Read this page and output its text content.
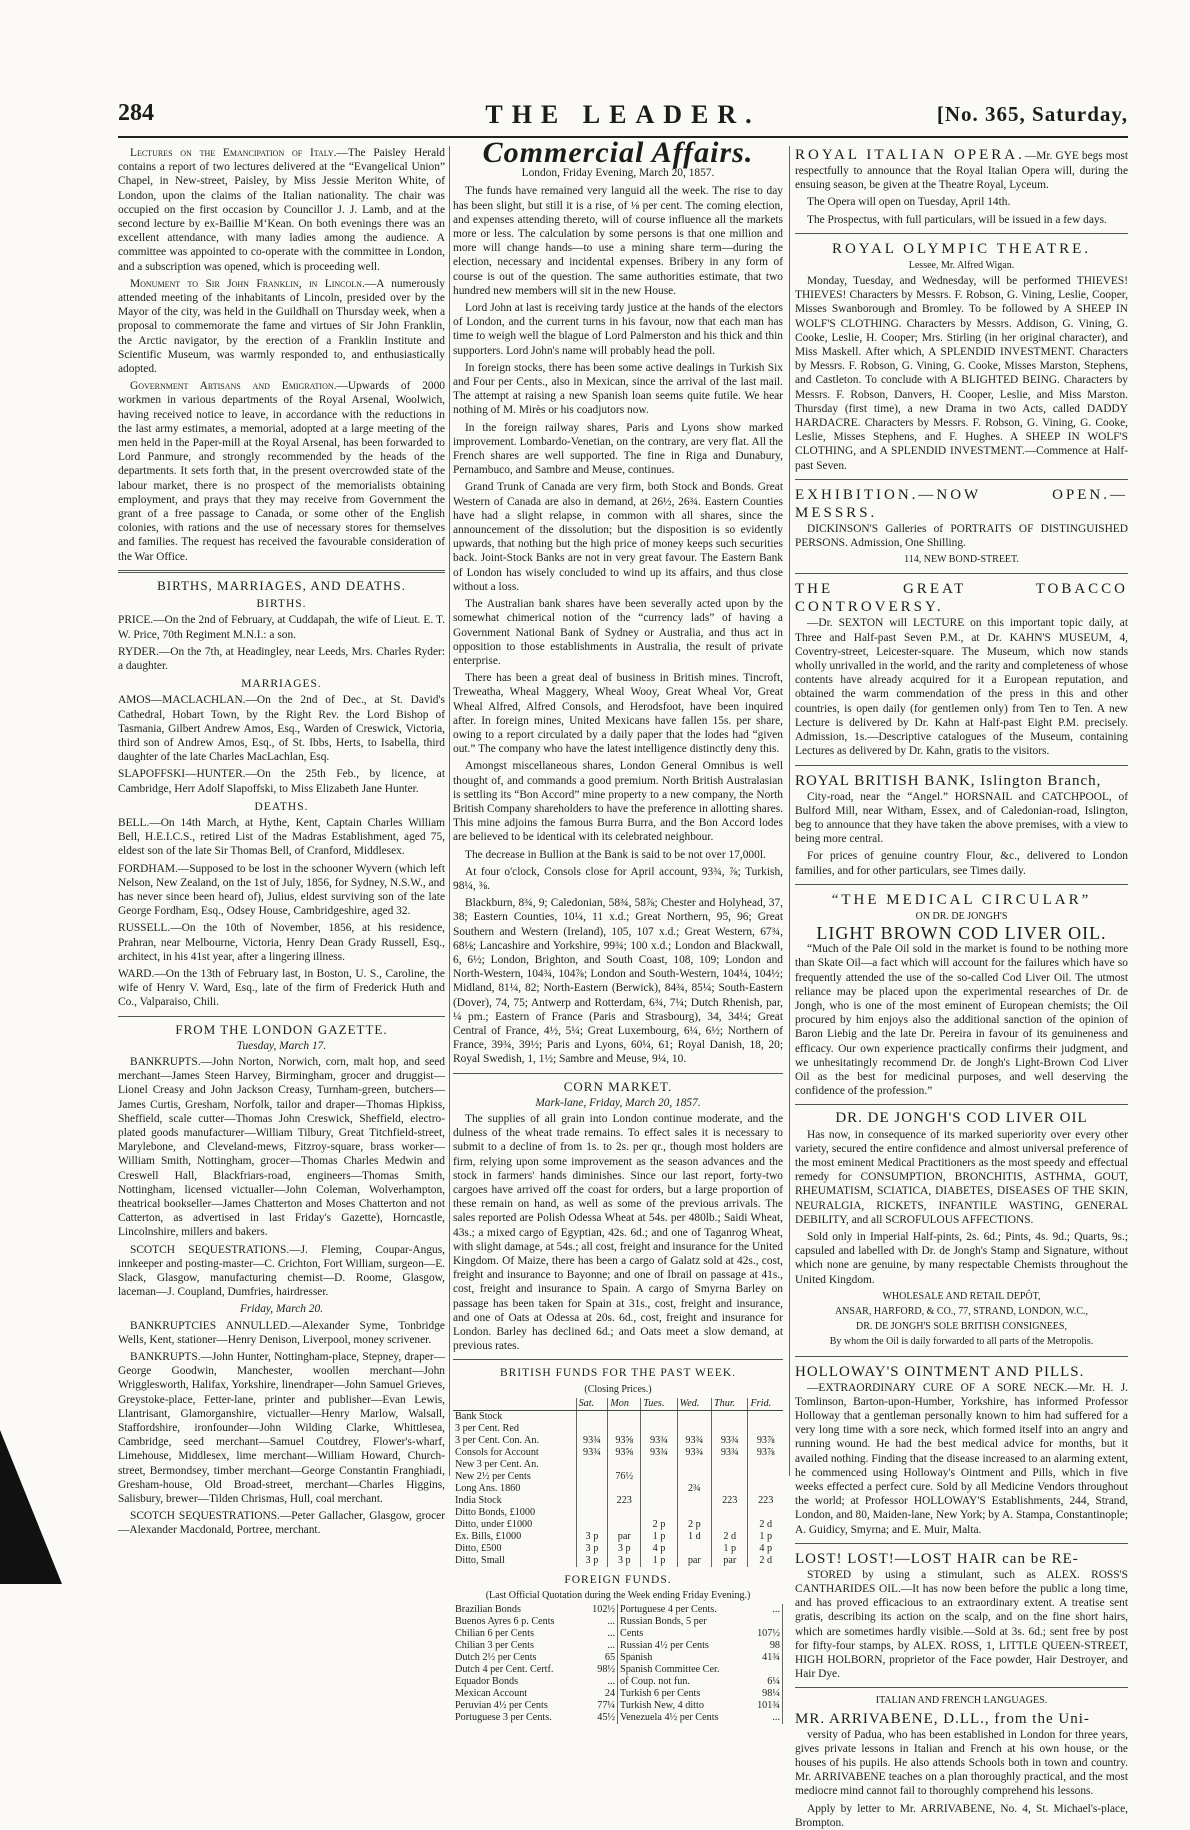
284	THE LEADER.	[No. 365, Saturday,

Lectures on the Emancipation of Italy.—The Paisley Herald contains a report of two lectures delivered at the “Evangelical Union” Chapel, in New-street, Paisley, by Miss Jessie Meriton White, of London, upon the claims of the Italian nationality. The chair was occupied on the first occasion by Councillor J. J. Lamb, and at the second lecture by ex-Baillie M‘Kean. On both evenings there was an excellent attendance, with many ladies among the audience. A committee was appointed to co-operate with the committee in London, and a subscription was opened, which is proceeding well.

Monument to Sir John Franklin, in Lincoln.—A numerously attended meeting of the inhabitants of Lincoln, presided over by the Mayor of the city, was held in the Guildhall on Thursday week, when a proposal to commemorate the fame and virtues of Sir John Franklin, the Arctic navigator, by the erection of a Franklin Institute and Scientific Museum, was warmly responded to, and enthusiastically adopted.

Government Artisans and Emigration.—Upwards of 2000 workmen in various departments of the Royal Arsenal, Woolwich, having received notice to leave, in accordance with the reductions in the last army estimates, a memorial, adopted at a large meeting of the men held in the Paper-mill at the Royal Arsenal, has been forwarded to Lord Panmure, and strongly recommended by the heads of the departments. It sets forth that, in the present overcrowded state of the labour market, there is no prospect of the memorialists obtaining employment, and prays that they may receive from Government the grant of a free passage to Canada, or some other of the English colonies, with rations and the use of necessary stores for themselves and families. The request has received the favourable consideration of the War Office.

BIRTHS, MARRIAGES, AND DEATHS.
BIRTHS.

PRICE.—On the 2nd of February, at Cuddapah, the wife of Lieut. E. T. W. Price, 70th Regiment M.N.I.: a son.

RYDER.—On the 7th, at Headingley, near Leeds, Mrs. Charles Ryder: a daughter.

MARRIAGES.

AMOS—MACLACHLAN.—On the 2nd of Dec., at St. David's Cathedral, Hobart Town, by the Right Rev. the Lord Bishop of Tasmania, Gilbert Andrew Amos, Esq., Warden of Creswick, Victoria, third son of Andrew Amos, Esq., of St. Ibbs, Herts, to Isabella, third daughter of the late Charles MacLachlan, Esq.

SLAPOFFSKI—HUNTER.—On the 25th Feb., by licence, at Cambridge, Herr Adolf Slapoffski, to Miss Elizabeth Jane Hunter.

DEATHS.

BELL.—On 14th March, at Hythe, Kent, Captain Charles William Bell, H.E.I.C.S., retired List of the Madras Establishment, aged 75, eldest son of the late Sir Thomas Bell, of Cranford, Middlesex.

FORDHAM.—Supposed to be lost in the schooner Wyvern (which left Nelson, New Zealand, on the 1st of July, 1856, for Sydney, N.S.W., and has never since been heard of), Julius, eldest surviving son of the late George Fordham, Esq., Odsey House, Cambridgeshire, aged 32.

RUSSELL.—On the 10th of November, 1856, at his residence, Prahran, near Melbourne, Victoria, Henry Dean Grady Russell, Esq., architect, in his 41st year, after a lingering illness.

WARD.—On the 13th of February last, in Boston, U. S., Caroline, the wife of Henry V. Ward, Esq., late of the firm of Frederick Huth and Co., Valparaiso, Chili.

FROM THE LONDON GAZETTE.
Tuesday, March 17.

BANKRUPTS.—John Norton, Norwich, corn, malt hop, and seed merchant—James Steen Harvey, Birmingham, grocer and druggist—Lionel Creasy and John Jackson Creasy, Turnham-green, butchers—James Curtis, Gresham, Norfolk, tailor and draper—Thomas Hipkiss, Sheffield, scale cutter—Thomas John Creswick, Sheffield, electro-plated goods manufacturer—William Tilbury, Great Titchfield-street, Marylebone, and Cleveland-mews, Fitzroy-square, brass worker—William Smith, Nottingham, grocer—Thomas Charles Medwin and Creswell Hall, Blackfriars-road, engineers—Thomas Smith, Nottingham, licensed victualler—John Coleman, Wolverhampton, theatrical bookseller—James Chatterton and Moses Chatterton and not Catterton, as advertised in last Friday's Gazette), Horncastle, Lincolnshire, millers and bakers.

SCOTCH SEQUESTRATIONS.—J. Fleming, Coupar-Angus, innkeeper and posting-master—C. Crichton, Fort William, surgeon—E. Slack, Glasgow, manufacturing chemist—D. Roome, Glasgow, laceman—J. Coupland, Dumfries, hairdresser.

Friday, March 20.

BANKRUPTCIES ANNULLED.—Alexander Syme, Tonbridge Wells, Kent, stationer—Henry Denison, Liverpool, money scrivener.

BANKRUPTS.—John Hunter, Nottingham-place, Stepney, draper—George Goodwin, Manchester, woollen merchant—John Wrigglesworth, Halifax, Yorkshire, linendraper—John Samuel Grieves, Greystoke-place, Fetter-lane, printer and publisher—Evan Lewis, Llantrisant, Glamorganshire, victualler—Henry Marlow, Walsall, Staffordshire, ironfounder—John Wilding Clarke, Whittlesea, Cambridge, seed merchant—Samuel Coutdrey, Flower's-wharf, Limehouse, Middlesex, lime merchant—William Howard, Church-street, Bermondsey, timber merchant—George Constantin Franghiadi, Gresham-house, Old Broad-street, merchant—Charles Higgins, Salisbury, brewer—Tilden Chrismas, Hull, coal merchant.

SCOTCH SEQUESTRATIONS.—Peter Gallacher, Glasgow, grocer—Alexander Macdonald, Portree, merchant.

Commercial Affairs.
London, Friday Evening, March 20, 1857.

The funds have remained very languid all the week. The rise to day has been slight, but still it is a rise, of ⅛ per cent. The coming election, and expenses attending thereto, will of course influence all the markets more or less. The calculation by some persons is that one million and more will change hands—to use a mining share term—during the election, necessary and incidental expenses. Bribery in any form of course is out of the question. The same authorities estimate, that two hundred new members will sit in the new House.

Lord John at last is receiving tardy justice at the hands of the electors of London, and the current turns in his favour, now that each man has time to weigh well the blague of Lord Palmerston and his thick and thin supporters. Lord John's name will probably head the poll.

In foreign stocks, there has been some active dealings in Turkish Six and Four per Cents., also in Mexican, since the arrival of the last mail. The attempt at raising a new Spanish loan seems quite futile. We hear nothing of M. Mirès or his coadjutors now.

In the foreign railway shares, Paris and Lyons show marked improvement. Lombardo-Venetian, on the contrary, are very flat. All the French shares are well supported. The fine in Riga and Dunabury, Pernambuco, and Sambre and Meuse, continues.

Grand Trunk of Canada are very firm, both Stock and Bonds. Great Western of Canada are also in demand, at 26½, 26¾. Eastern Counties have had a slight relapse, in common with all shares, since the announcement of the dissolution; but the disposition is so evidently upwards, that nothing but the high price of money keeps such securities back. Joint-Stock Banks are not in very great favour. The Eastern Bank of London has wisely concluded to wind up its affairs, and thus close without a loss.

The Australian bank shares have been severally acted upon by the somewhat chimerical notion of the “currency lads” of having a Government National Bank of Sydney or Australia, and thus act in opposition to those establishments in Australia, the result of private enterprise.

There has been a great deal of business in British mines. Tincroft, Treweatha, Wheal Maggery, Wheal Wooy, Great Wheal Vor, Great Wheal Alfred, Alfred Consols, and Herodsfoot, have been inquired after. In foreign mines, United Mexicans have fallen 15s. per share, owing to a report circulated by a daily paper that the lodes had “given out.” The company who have the latest intelligence distinctly deny this.

Amongst miscellaneous shares, London General Omnibus is well thought of, and commands a good premium. North British Australasian is settling its “Bon Accord” mine property to a new company, the North British Company shareholders to have the preference in allotting shares. This mine adjoins the famous Burra Burra, and the Bon Accord lodes are believed to be identical with its celebrated neighbour.

The decrease in Bullion at the Bank is said to be not over 17,000l.

At four o'clock, Consols close for April account, 93¾, ⅞; Turkish, 98¼, ⅜.

Blackburn, 8¾, 9; Caledonian, 58¾, 58⅞; Chester and Holyhead, 37, 38; Eastern Counties, 10¼, 11 x.d.; Great Northern, 95, 96; Great Southern and Western (Ireland), 105, 107 x.d.; Great Western, 67¾, 68⅛; Lancashire and Yorkshire, 99¾; 100 x.d.; London and Blackwall, 6, 6½; London, Brighton, and South Coast, 108, 109; London and North-Western, 104¾, 104⅞; London and South-Western, 104¼, 104½; Midland, 81¼, 82; North-Eastern (Berwick), 84¾, 85¼; South-Eastern (Dover), 74, 75; Antwerp and Rotterdam, 6¾, 7¼; Dutch Rhenish, par, ¼ pm.; Eastern of France (Paris and Strasbourg), 34, 34¼; Great Central of France, 4½, 5¼; Great Luxembourg, 6¼, 6½; Northern of France, 39¾, 39½; Paris and Lyons, 60¼, 61; Royal Danish, 18, 20; Royal Swedish, 1, 1½; Sambre and Meuse, 9¼, 10.

CORN MARKET.
Mark-lane, Friday, March 20, 1857.

The supplies of all grain into London continue moderate, and the dulness of the wheat trade remains. To effect sales it is necessary to submit to a decline of from 1s. to 2s. per qr., though most holders are firm, relying upon some improvement as the season advances and the stock in farmers' hands diminishes. Since our last report, forty-two cargoes have arrived off the coast for orders, but a large proportion of these remain on hand, as well as some of the previous arrivals. The sales reported are Polish Odessa Wheat at 54s. per 480lb.; Saidi Wheat, 43s.; a mixed cargo of Egyptian, 42s. 6d.; and one of Taganrog Wheat, with slight damage, at 54s.; all cost, freight and insurance for the United Kingdom. Of Maize, there has been a cargo of Galatz sold at 42s., cost, freight and insurance to Bayonne; and one of Ibrail on passage at 41s., cost, freight and insurance to Spain. A cargo of Smyrna Barley on passage has been taken for Spain at 31s., cost, freight and insurance, and one of Oats at Odessa at 20s. 6d., cost, freight and insurance for London. Barley has declined 6d.; and Oats meet a slow demand, at previous rates.

BRITISH FUNDS FOR THE PAST WEEK.
(Closing Prices.)
	Sat.	Mon	Tues.	Wed.	Thur.	Frid.
Bank Stock						
3 per Cent. Red						
3 per Cent. Con. An.	93¾	93⅝	93¾	93¾	93¾	93⅞
Consols for Account	93¾	93⅝	93¾	93¾	93¾	93⅞
New 3 per Cent. An.						
New 2½ per Cents		76½				
Long Ans. 1860				2¾		
India Stock		223			223	223
Ditto Bonds, £1000						
Ditto, under £1000			2 p	2 p		2 d
Ex. Bills, £1000	3 p	par	1 p	1 d	2 d	1 p
Ditto, £500	3 p	3 p	4 p		1 p	4 p
Ditto, Small	3 p	3 p	1 p	par	par	2 d
FOREIGN FUNDS.
(Last Official Quotation during the Week ending Friday Evening.)
Brazilian Bonds	102½	Portuguese 4 per Cents.	...
Buenos Ayres 6 p. Cents	...	Russian Bonds, 5 per	
Chilian 6 per Cents	...	Cents	107½
Chilian 3 per Cents	...	Russian 4½ per Cents	98
Dutch 2½ per Cents	65	Spanish	41¾
Dutch 4 per Cent. Certf.	98½	Spanish Committee Cer.	
Equador Bonds	...	of Coup. not fun.	6¼
Mexican Account	24	Turkish 6 per Cents	98¼
Peruvian 4½ per Cents	77¼	Turkish New, 4 ditto	101¾
Portuguese 3 per Cents.	45½	Venezuela 4½ per Cents	...

ROYAL ITALIAN OPERA.—Mr. GYE begs most respectfully to announce that the Royal Italian Opera will, during the ensuing season, be given at the Theatre Royal, Lyceum.

The Opera will open on Tuesday, April 14th.

The Prospectus, with full particulars, will be issued in a few days.

ROYAL OLYMPIC THEATRE.
Lessee, Mr. Alfred Wigan.

Monday, Tuesday, and Wednesday, will be performed THIEVES! THIEVES! Characters by Messrs. F. Robson, G. Vining, Leslie, Cooper, Misses Swanborough and Bromley. To be followed by A SHEEP IN WOLF'S CLOTHING. Characters by Messrs. Addison, G. Vining, G. Cooke, Leslie, H. Cooper; Mrs. Stirling (in her original character), and Miss Maskell. After which, A SPLENDID INVESTMENT. Characters by Messrs. F. Robson, G. Vining, G. Cooke, Misses Marston, Stephens, and Castleton. To conclude with A BLIGHTED BEING. Characters by Messrs. F. Robson, Danvers, H. Cooper, Leslie, and Miss Marston. Thursday (first time), a new Drama in two Acts, called DADDY HARDACRE. Characters by Messrs. F. Robson, G. Vining, G. Cooke, Leslie, Misses Stephens, and F. Hughes. A SHEEP IN WOLF'S CLOTHING, and A SPLENDID INVESTMENT.—Commence at Half-past Seven.

EXHIBITION.—NOW OPEN.—MESSRS.

DICKINSON'S Galleries of PORTRAITS OF DISTINGUISHED PERSONS. Admission, One Shilling.

114, NEW BOND-STREET.
THE GREAT TOBACCO CONTROVERSY.

—Dr. SEXTON will LECTURE on this important topic daily, at Three and Half-past Seven P.M., at Dr. KAHN'S MUSEUM, 4, Coventry-street, Leicester-square. The Museum, which now stands wholly unrivalled in the world, and the rarity and completeness of whose contents have already acquired for it a European reputation, and obtained the warm commendation of the press in this and other countries, is open daily (for gentlemen only) from Ten to Ten. A new Lecture is delivered by Dr. Kahn at Half-past Eight P.M. precisely. Admission, 1s.—Descriptive catalogues of the Museum, containing Lectures as delivered by Dr. Kahn, gratis to the visitors.

ROYAL BRITISH BANK, Islington Branch,

City-road, near the “Angel.” HORSNAIL and CATCHPOOL, of Bulford Mill, near Witham, Essex, and of Caledonian-road, Islington, beg to announce that they have taken the above premises, with a view to being more central.

For prices of genuine country Flour, &c., delivered to London families, and for other particulars, see Times daily.

“THE MEDICAL CIRCULAR”
ON DR. DE JONGH'S
LIGHT BROWN COD LIVER OIL.

“Much of the Pale Oil sold in the market is found to be nothing more than Skate Oil—a fact which will account for the failures which have so frequently attended the use of the so-called Cod Liver Oil. The utmost reliance may be placed upon the experimental researches of Dr. de Jongh, who is one of the most eminent of European chemists; the Oil procured by him enjoys also the additional sanction of the opinion of Baron Liebig and the late Dr. Pereira in favour of its genuineness and efficacy. Our own experience practically confirms their judgment, and we unhesitatingly recommend Dr. de Jongh's Light-Brown Cod Liver Oil as the best for medicinal purposes, and well deserving the confidence of the profession.”

DR. DE JONGH'S COD LIVER OIL

Has now, in consequence of its marked superiority over every other variety, secured the entire confidence and almost universal preference of the most eminent Medical Practitioners as the most speedy and effectual remedy for CONSUMPTION, BRONCHITIS, ASTHMA, GOUT, RHEUMATISM, SCIATICA, DIABETES, DISEASES OF THE SKIN, NEURALGIA, RICKETS, INFANTILE WASTING, GENERAL DEBILITY, and all SCROFULOUS AFFECTIONS.

Sold only in Imperial Half-pints, 2s. 6d.; Pints, 4s. 9d.; Quarts, 9s.; capsuled and labelled with Dr. de Jongh's Stamp and Signature, without which none are genuine, by many respectable Chemists throughout the United Kingdom.

WHOLESALE AND RETAIL DEPÔT,
ANSAR, HARFORD, & CO., 77, STRAND, LONDON, W.C.,
DR. DE JONGH'S SOLE BRITISH CONSIGNEES,
By whom the Oil is daily forwarded to all parts of the Metropolis.
HOLLOWAY'S OINTMENT AND PILLS.

—EXTRAORDINARY CURE OF A SORE NECK.—Mr. H. J. Tomlinson, Barton-upon-Humber, Yorkshire, has informed Professor Holloway that a gentleman personally known to him had suffered for a very long time with a sore neck, which formed itself into an angry and running wound. He had the best medical advice for months, but it availed nothing. Finding that the disease increased to an alarming extent, he commenced using Holloway's Ointment and Pills, which in five weeks effected a perfect cure. Sold by all Medicine Vendors throughout the world; at Professor HOLLOWAY'S Establishments, 244, Strand, London, and 80, Maiden-lane, New York; by A. Stampa, Constantinople; A. Guidicy, Smyrna; and E. Muir, Malta.

LOST! LOST!—LOST HAIR can be RE-

STORED by using a stimulant, such as ALEX. ROSS'S CANTHARIDES OIL.—It has now been before the public a long time, and has proved efficacious to an extraordinary extent. A treatise sent gratis, describing its action on the scalp, and on the fine short hairs, which are sometimes hardly visible.—Sold at 3s. 6d.; sent free by post for fifty-four stamps, by ALEX. ROSS, 1, LITTLE QUEEN-STREET, HIGH HOLBORN, proprietor of the Face powder, Hair Destroyer, and Hair Dye.

ITALIAN AND FRENCH LANGUAGES.
MR. ARRIVABENE, D.LL., from the Uni-

versity of Padua, who has been established in London for three years, gives private lessons in Italian and French at his own house, or the houses of his pupils. He also attends Schools both in town and country. Mr. ARRIVABENE teaches on a plan thoroughly practical, and the most mediocre mind cannot fail to thoroughly comprehend his lessons.

Apply by letter to Mr. ARRIVABENE, No. 4, St. Michael's-place, Brompton.
